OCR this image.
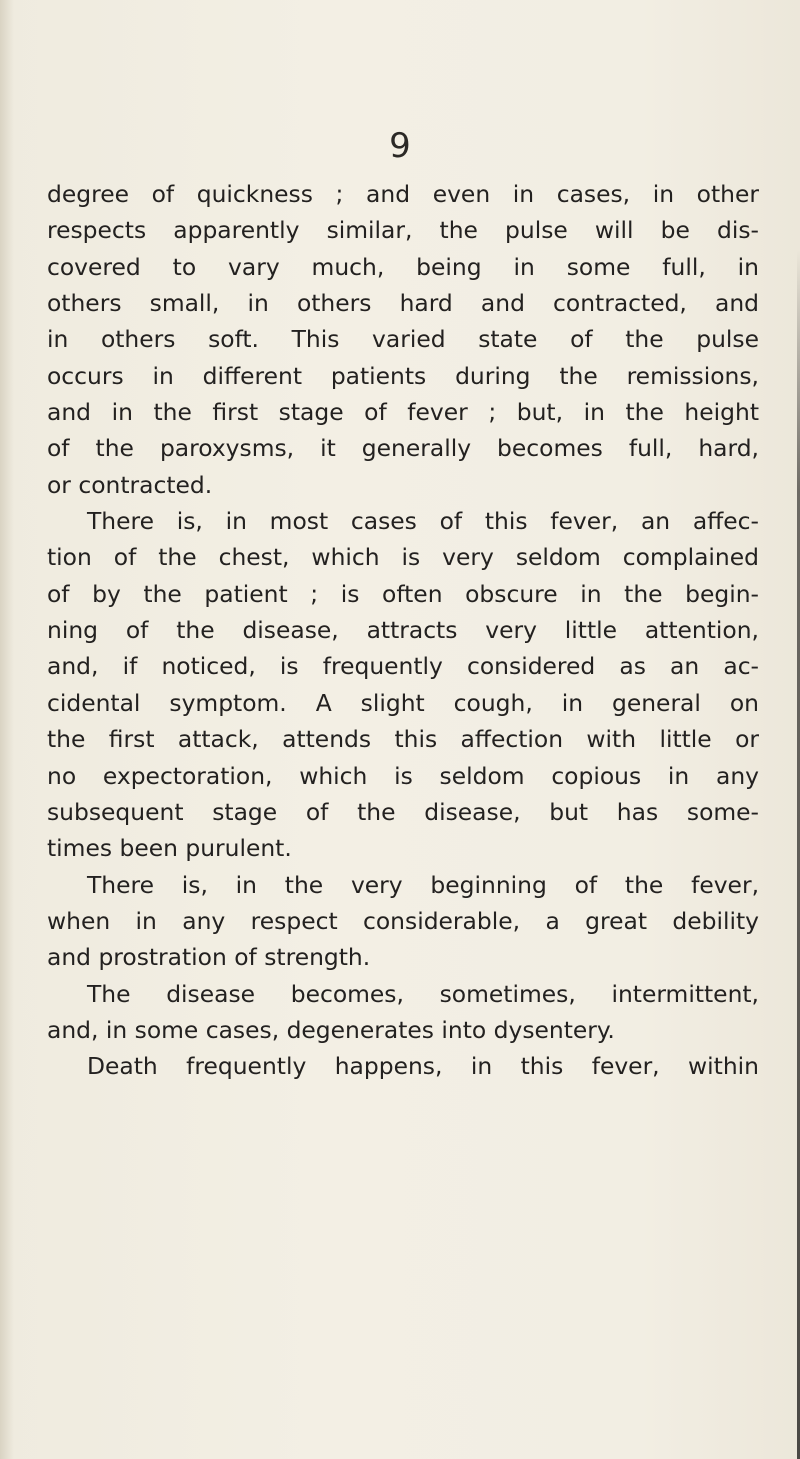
9
degree of quickness ; and even in cases, in other
respects apparently similar, the pulse will be dis-
covered to vary much, being in some full, in
others small, in others hard and contracted, and
in others soft. This varied state of the pulse
occurs in different patients during the remissions,
and in the first stage of fever ; but, in the height
of the paroxysms, it generally becomes full, hard,
or contracted.
There is, in most cases of this fever, an affec-
tion of the chest, which is very seldom complained
of by the patient ; is often obscure in the begin-
ning of the disease, attracts very little attention,
and, if noticed, is frequently considered as an ac-
cidental symptom. A slight cough, in general on
the first attack, attends this affection with little or
no expectoration, which is seldom copious in any
subsequent stage of the disease, but has some-
times been purulent.
There is, in the very beginning of the fever,
when in any respect considerable, a great debility
and prostration of strength.
The disease becomes, sometimes, intermittent,
and, in some cases, degenerates into dysentery.
Death frequently happens, in this fever, within
